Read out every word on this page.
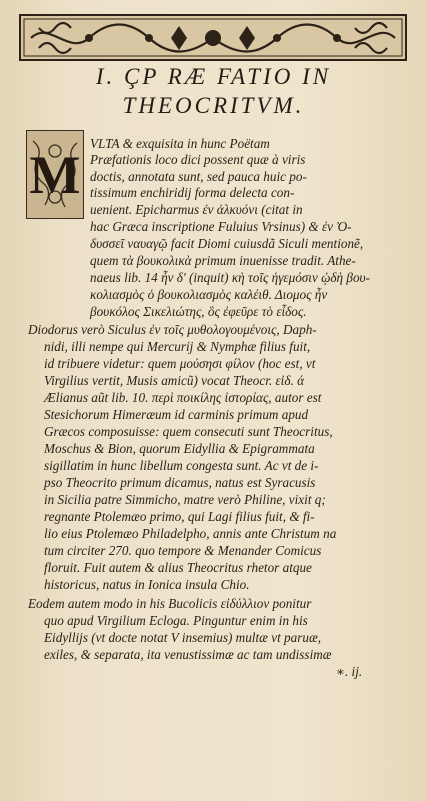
I. ÇP RÆ FATIO IN
THEOCRITVM.
M
VLTA & exquisita in hunc Poëtam
Præfationis loco dici possent quæ à viris
doctis, annotata sunt, sed pauca huic po-
tissimum enchiridij forma delecta con-
uenient. Epicharmus ἐν ἀλκυόνι (citat in
hac Græca inscriptione Fuluius Vrsinus) & ἐν Ὀ-
δυσσεῖ ναυαγῷ facit Diomi cuiusdã Siculi mentionẽ,
quem τὰ βουκολικὰ primum inuenisse tradit. Athe-
naeus lib. 14 ἦν δ' (inquit) κὴ τοῖς ἡγεμόσιν ᾠδὴ βου-
κολιασμὸς ὁ βουκολιασμὸς καλέιθ. Διομος ἦν
βουκόλος Σικελιώτης, ὃς ἐφεῦρε τὸ εἶδος.
Diodorus verò Siculus ἐν τοῖς μυθολογουμένοις, Daph-
nidi, illi nempe qui Mercurij & Nymphæ filius fuit,
id tribuere videtur: quem μούσησι φίλον (hoc est, vt
Virgilius vertit, Musis amicũ) vocat Theocr. εἰδ. ά
Ælianus aũt lib. 10. περὶ ποικίλης ἱστορίας, autor est
Stesichorum Himeræum id carminis primum apud
Græcos composuisse: quem consecuti sunt Theocritus,
Moschus & Bion, quorum Eidyllia & Epigrammata
sigillatim in hunc libellum congesta sunt. Ac vt de i-
pso Theocrito primum dicamus, natus est Syracusis
in Sicilia patre Simmicho, matre verò Philine, vixit q;
regnante Ptolemæo primo, qui Lagi filius fuit, & fi-
lio eius Ptolemæo Philadelpho, annis ante Christum na
tum circiter 270. quo tempore & Menander Comicus
floruit. Fuit autem & alius Theocritus rhetor atque
historicus, natus in Ionica insula Chio.
Eodem autem modo in his Bucolicis εἰδύλλιον ponitur
quo apud Virgilium Ecloga. Pinguntur enim in his
Eidyllijs (vt docte notat V insemius) multæ vt paruæ,
exiles, & separata, ita venustissimæ ac tam undissimæ
∗. ij.
